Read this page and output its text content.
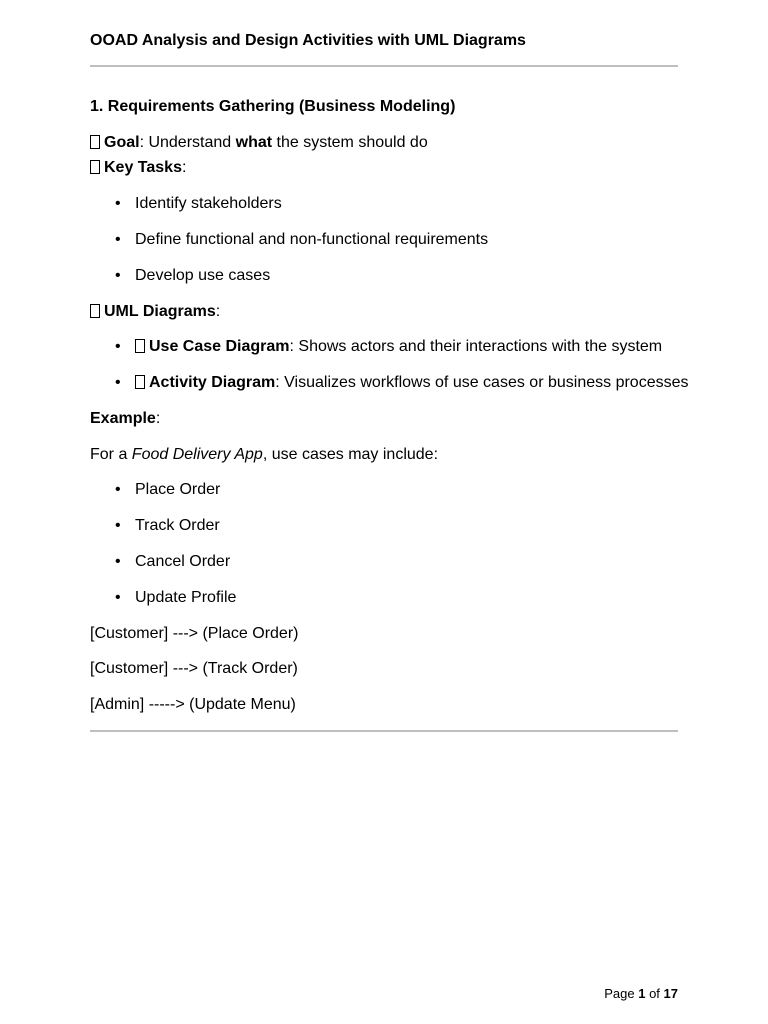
OOAD Analysis and Design Activities with UML Diagrams
1. Requirements Gathering (Business Modeling)
Goal: Understand what the system should do
Key Tasks:
• Identify stakeholders
• Define functional and non-functional requirements
• Develop use cases
UML Diagrams:
• Use Case Diagram: Shows actors and their interactions with the system
• Activity Diagram: Visualizes workflows of use cases or business processes
Example:
For a Food Delivery App, use cases may include:
• Place Order
• Track Order
• Cancel Order
• Update Profile
[Customer] ---> (Place Order)
[Customer] ---> (Track Order)
[Admin] -----> (Update Menu)
Page 1 of 17
